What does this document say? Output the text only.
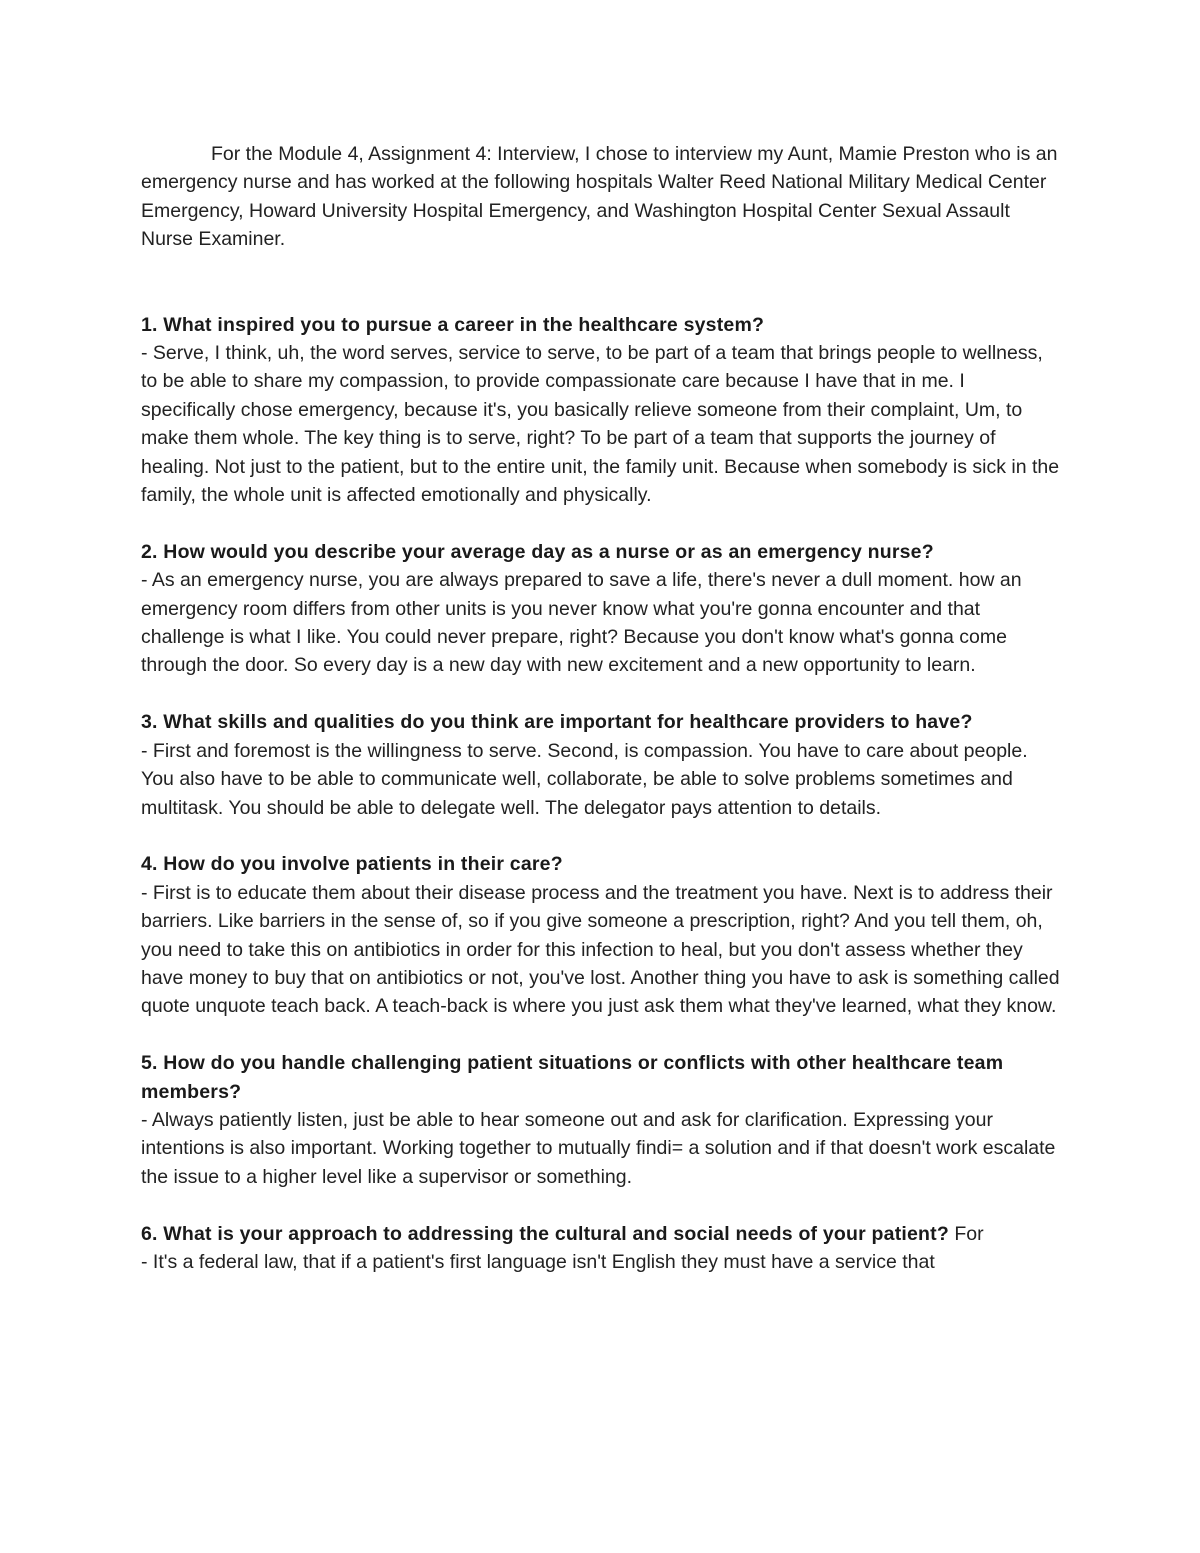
For the Module 4, Assignment 4: Interview, I chose to interview my Aunt, Mamie Preston who is an emergency nurse and has worked at the following hospitals Walter Reed National Military Medical Center Emergency, Howard University Hospital Emergency, and Washington Hospital Center Sexual Assault Nurse Examiner.

1. What inspired you to pursue a career in the healthcare system?
- Serve, I think, uh, the word serves, service to serve, to be part of a team that brings people to wellness, to be able to share my compassion, to provide compassionate care because I have that in me. I specifically chose emergency, because it's, you basically relieve someone from their complaint, Um, to make them whole. The key thing is to serve, right? To be part of a team that supports the journey of healing. Not just to the patient, but to the entire unit, the family unit. Because when somebody is sick in the family, the whole unit is affected emotionally and physically.
2. How would you describe your average day as a nurse or as an emergency nurse?
- As an emergency nurse, you are always prepared to save a life, there's never a dull moment. how an emergency room differs from other units is you never know what you're gonna encounter and that challenge is what I like. You could never prepare, right? Because you don't know what's gonna come through the door. So every day is a new day with new excitement and a new opportunity to learn.
3. What skills and qualities do you think are important for healthcare providers to have?
- First and foremost is the willingness to serve. Second, is compassion. You have to care about people. You also have to be able to communicate well, collaborate, be able to solve problems sometimes and multitask. You should be able to delegate well. The delegator pays attention to details.
4. How do you involve patients in their care?
- First is to educate them about their disease process and the treatment you have. Next is to address their barriers. Like barriers in the sense of, so if you give someone a prescription, right? And you tell them, oh, you need to take this on antibiotics in order for this infection to heal, but you don't assess whether they have money to buy that on antibiotics or not, you've lost. Another thing you have to ask is something called quote unquote teach back. A teach-back is where you just ask them what they've learned, what they know.
5. How do you handle challenging patient situations or conflicts with other healthcare team members?
- Always patiently listen, just be able to hear someone out and ask for clarification. Expressing your intentions is also important. Working together to mutually findi= a solution and if that doesn't work escalate the issue to a higher level like a supervisor or something.
6. What is your approach to addressing the cultural and social needs of your patient? For
- It's a federal law, that if a patient's first language isn't English they must have a service that
